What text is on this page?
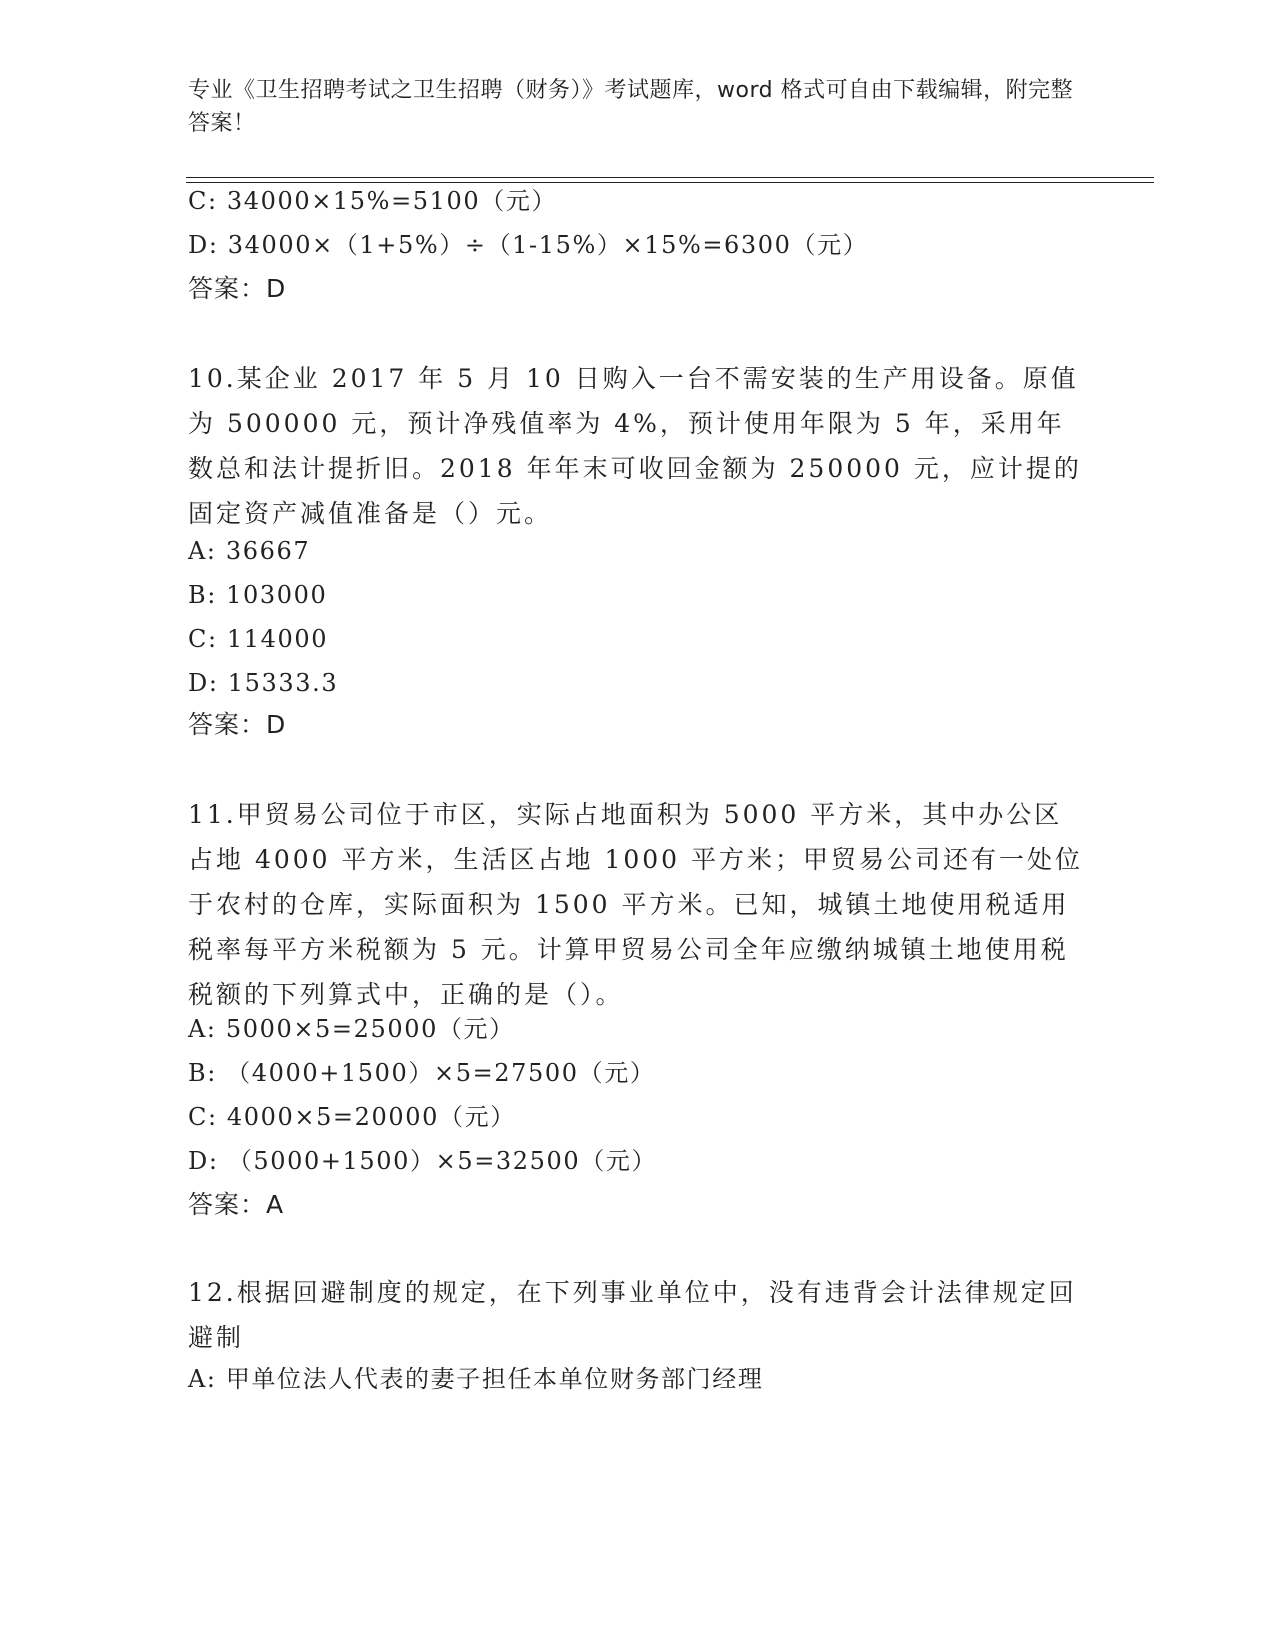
专业《卫生招聘考试之卫生招聘（财务）》考试题库，word 格式可自由下载编辑，附完整答案！
C: 34000×15%=5100（元）
D: 34000×（1+5%）÷（1-15%）×15%=6300（元）
答案：D
10.某企业 2017 年 5 月 10 日购入一台不需安装的生产用设备。原值为 500000 元，预计净残值率为 4%，预计使用年限为 5 年，采用年数总和法计提折旧。2018 年年末可收回金额为 250000 元，应计提的固定资产减值准备是（）元。
A: 36667
B: 103000
C: 114000
D: 15333.3
答案：D
11.甲贸易公司位于市区，实际占地面积为 5000 平方米，其中办公区占地 4000 平方米，生活区占地 1000 平方米；甲贸易公司还有一处位于农村的仓库，实际面积为 1500 平方米。已知，城镇土地使用税适用税率每平方米税额为 5 元。计算甲贸易公司全年应缴纳城镇土地使用税税额的下列算式中，正确的是（）。
A: 5000×5=25000（元）
B: （4000+1500）×5=27500（元）
C: 4000×5=20000（元）
D: （5000+1500）×5=32500（元）
答案：A
12.根据回避制度的规定，在下列事业单位中，没有违背会计法律规定回避制
A: 甲单位法人代表的妻子担任本单位财务部门经理
